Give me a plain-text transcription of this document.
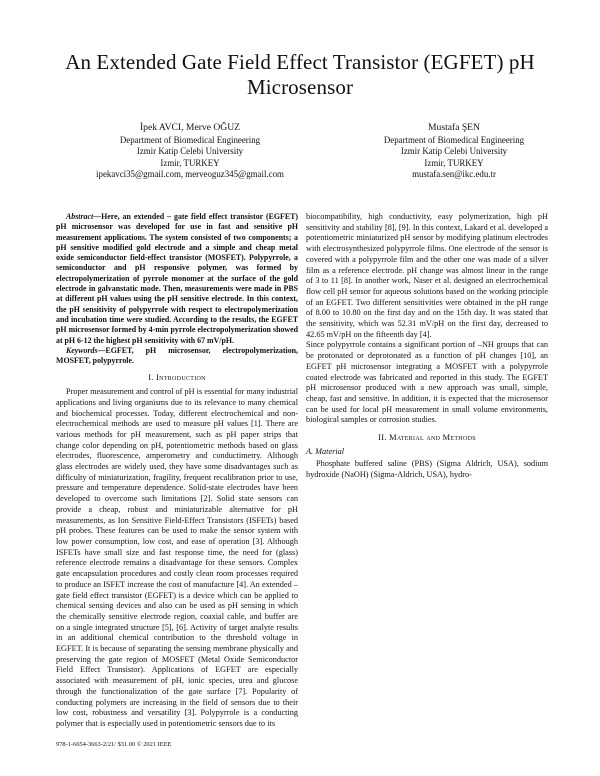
An Extended Gate Field Effect Transistor (EGFET) pH Microsensor
İpek AVCI, Merve OĞUZ
Department of Biomedical Engineering
Izmir Katip Celebi University
Izmir, TURKEY
ipekavci35@gmail.com, merveoguz345@gmail.com
Mustafa ŞEN
Department of Biomedical Engineering
Izmir Katip Celebi University
Izmir, TURKEY
mustafa.sen@ikc.edu.tr

Abstract—Here, an extended – gate field effect transistor (EGFET) pH microsensor was developed for use in fast and sensitive pH measurement applications. The system consisted of two components; a pH sensitive modified gold electrode and a simple and cheap metal oxide semiconductor field-effect transistor (MOSFET). Polypyrrole, a semiconductor and pH responsive polymer, was formed by electropolymerization of pyrrole monomer at the surface of the gold electrode in galvanstatic mode. Then, measurements were made in PBS at different pH values using the pH sensitive electrode. In this context, the pH sensitivity of polypyrrole with respect to electropolymerization and incubation time were studied. According to the results, the EGFET pH microsensor formed by 4-min pyrrole electropolymerization showed at pH 6-12 the highest pH sensitivity with 67 mV/pH.

Keywords—EGFET, pH microsensor, electropolymerization, MOSFET, polypyrrole.

I. Introduction

Proper measurement and control of pH is essential for many industrial applications and living organisms due to its relevance to many chemical and biochemical processes. Today, different electrochemical and non-electrochemical methods are used to measure pH values [1]. There are various methods for pH measurement, such as pH paper strips that change color depending on pH, potentiometric methods based on glass electrodes, fluorescence, amperometry and conductimetry. Although glass electrodes are widely used, they have some disadvantages such as difficulty of miniaturization, fragility, frequent recalibration prior to use, pressure and temperature dependence. Solid-state electrodes have been developed to overcome such limitations [2]. Solid state sensors can provide a cheap, robust and miniaturizable alternative for pH measurements, as Ion Sensitive Field-Effect Transistors (ISFETs) based pH probes. These features can be used to make the sensor system with low power consumption, low cost, and ease of operation [3]. Although ISFETs have small size and fast response time, the need for (glass) reference electrode remains a disadvantage for these sensors. Complex gate encapsulation procedures and costly clean room processes required to produce an ISFET increase the cost of manufacture [4]. An extended – gate field effect transistor (EGFET) is a device which can be applied to chemical sensing devices and also can be used as pH sensing in which the chemically sensitive electrode region, coaxial cable, and buffer are on a single integrated structure [5], [6]. Activity of target analyte results in an additional chemical contribution to the threshold voltage in EGFET. It is because of separating the sensing membrane physically and preserving the gate region of MOSFET (Metal Oxide Semiconductor Field Effect Transistor). Applications of EGFET are especially associated with measurement of pH, ionic species, urea and glucose through the functionalization of the gate surface [7]. Popularity of conducting polymers are increasing in the field of sensors due to their low cost, robustness and versatility [3]. Polypyrrole is a conducting polymer that is especially used in potentiometric sensors due to its

biocompatibility, high conductivity, easy polymerization, high pH sensitivity and stability [8], [9]. In this context, Lakard et al. developed a potentiometric miniaturized pH sensor by modifying platinum electrodes with electrosynthesized polypyrrole films. One electrode of the sensor is covered with a polypyrrole film and the other one was made of a silver film as a reference electrode. pH change was almost linear in the range of 3 to 11 [8]. In another work, Naser et al. designed an electrochemical flow cell pH sensor for aqueous solutions based on the working principle of an EGFET. Two different sensitivities were obtained in the pH range of 8.00 to 10.80 on the first day and on the 15th day. It was stated that the sensitivity, which was 52.31 mV/pH on the first day, decreased to 42.65 mV/pH on the fifteenth day [4].

Since polypyrrole contains a significant portion of –NH groups that can be protonated or deprotonated as a function of pH changes [10], an EGFET pH microsensor integrating a MOSFET with a polypyrrole coated electrode was fabricated and reported in this study. The EGFET pH microsensor produced with a new approach was small, simple, cheap, fast and sensitive. In addition, it is expected that the microsensor can be used for local pH measurement in small volume environments, biological samples or corrosion studies.

II. Material and Methods
A. Material

Phosphate buffered saline (PBS) (Sigma Aldrich, USA), sodium hydroxide (NaOH) (Sigma-Aldrich, USA), hydro-

978-1-6654-3663-2/21/ $31.00 © 2021 IEEE
